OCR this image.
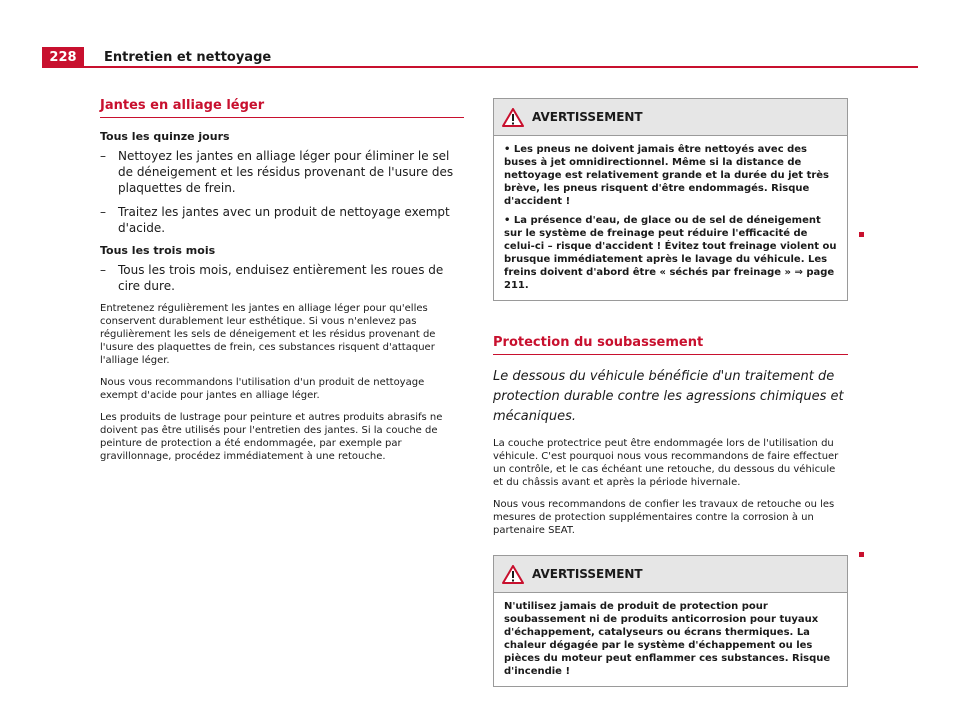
228	Entretien et nettoyage
Jantes en alliage léger
Tous les quinze jours
– Nettoyez les jantes en alliage léger pour éliminer le sel de déneigement et les résidus provenant de l'usure des plaquettes de frein.
– Traitez les jantes avec un produit de nettoyage exempt d'acide.
Tous les trois mois
– Tous les trois mois, enduisez entièrement les roues de cire dure.

Entretenez régulièrement les jantes en alliage léger pour qu'elles conservent durablement leur esthétique. Si vous n'enlevez pas régulièrement les sels de déneigement et les résidus provenant de l'usure des plaquettes de frein, ces substances risquent d'attaquer l'alliage léger.

Nous vous recommandons l'utilisation d'un produit de nettoyage exempt d'acide pour jantes en alliage léger.

Les produits de lustrage pour peinture et autres produits abrasifs ne doivent pas être utilisés pour l'entretien des jantes. Si la couche de peinture de protection a été endommagée, par exemple par gravillonnage, procédez immédiatement à une retouche.

AVERTISSEMENT

• Les pneus ne doivent jamais être nettoyés avec des buses à jet omnidirectionnel. Même si la distance de nettoyage est relativement grande et la durée du jet très brève, les pneus risquent d'être endommagés. Risque d'accident !

• La présence d'eau, de glace ou de sel de déneigement sur le système de freinage peut réduire l'efficacité de celui-ci – risque d'accident ! Évitez tout freinage violent ou brusque immédiatement après le lavage du véhicule. Les freins doivent d'abord être « séchés par freinage » ⇒ page 211.

Protection du soubassement

Le dessous du véhicule bénéficie d'un traitement de protection durable contre les agressions chimiques et mécaniques.

La couche protectrice peut être endommagée lors de l'utilisation du véhicule. C'est pourquoi nous vous recommandons de faire effectuer un contrôle, et le cas échéant une retouche, du dessous du véhicule et du châssis avant et après la période hivernale.

Nous vous recommandons de confier les travaux de retouche ou les mesures de protection supplémentaires contre la corrosion à un partenaire SEAT.

AVERTISSEMENT

N'utilisez jamais de produit de protection pour soubassement ni de produits anticorrosion pour tuyaux d'échappement, catalyseurs ou écrans thermiques. La chaleur dégagée par le système d'échappement ou les pièces du moteur peut enflammer ces substances. Risque d'incendie !
